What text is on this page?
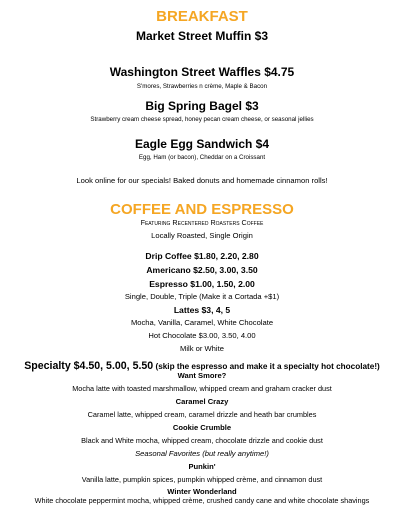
BREAKFAST
Market Street Muffin $3
Washington Street Waffles $4.75
S'mores, Strawberries n crème, Maple & Bacon
Big Spring Bagel $3
Strawberry cream cheese spread, honey pecan cream cheese, or seasonal jellies
Eagle Egg Sandwich $4
Egg, Ham (or bacon), Cheddar on a Croissant
Look online for our specials! Baked donuts and homemade cinnamon rolls!
COFFEE AND ESPRESSO
Featuring Recentered Roasters Coffee
Locally Roasted, Single Origin
Drip Coffee $1.80, 2.20, 2.80
Americano $2.50, 3.00, 3.50
Espresso $1.00, 1.50, 2.00
Single, Double, Triple (Make it a Cortada +$1)
Lattes $3, 4, 5
Mocha, Vanilla, Caramel, White Chocolate
Hot Chocolate $3.00, 3.50, 4.00
Milk or White
Specialty $4.50, 5.00, 5.50 (skip the espresso and make it a specialty hot chocolate!)
Want Smore?
Mocha latte with toasted marshmallow, whipped cream and graham cracker dust
Caramel Crazy
Caramel latte, whipped cream, caramel drizzle and heath bar crumbles
Cookie Crumble
Black and White mocha, whipped cream, chocolate drizzle and cookie dust
Seasonal Favorites (but really anytime!)
Punkin'
Vanilla latte, pumpkin spices, pumpkin whipped crème, and cinnamon dust
Winter Wonderland
White chocolate peppermint mocha, whipped crème, crushed candy cane and white chocolate shavings
